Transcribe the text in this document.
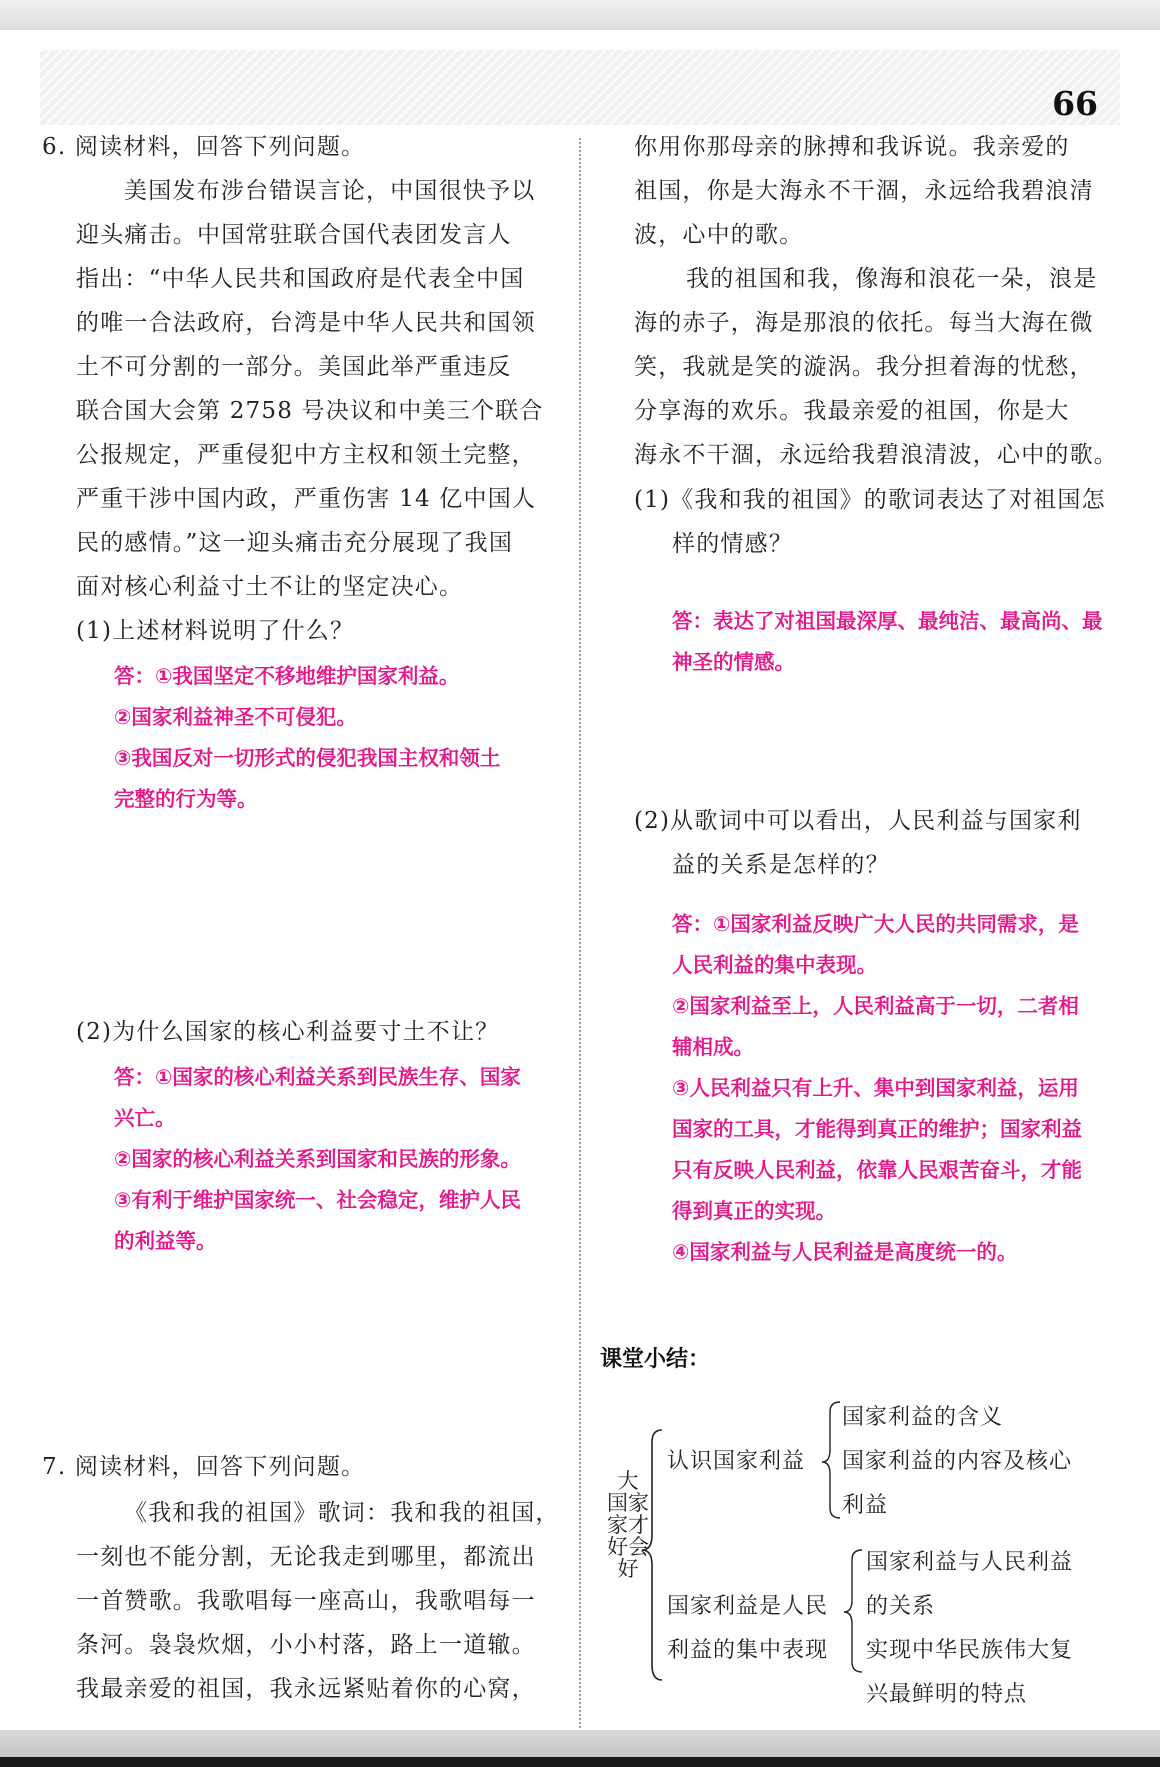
66
6. 阅读材料，回答下列问题。
美国发布涉台错误言论，中国很快予以
迎头痛击。中国常驻联合国代表团发言人
指出：“中华人民共和国政府是代表全中国
的唯一合法政府，台湾是中华人民共和国领
土不可分割的一部分。美国此举严重违反
联合国大会第 2758 号决议和中美三个联合
公报规定，严重侵犯中方主权和领土完整，
严重干涉中国内政，严重伤害 14 亿中国人
民的感情。”这一迎头痛击充分展现了我国
面对核心利益寸土不让的坚定决心。
(1)上述材料说明了什么？
答：①我国坚定不移地维护国家利益。
②国家利益神圣不可侵犯。
③我国反对一切形式的侵犯我国主权和领土
完整的行为等。
(2)为什么国家的核心利益要寸土不让？
答：①国家的核心利益关系到民族生存、国家
兴亡。
②国家的核心利益关系到国家和民族的形象。
③有利于维护国家统一、社会稳定，维护人民
的利益等。
7. 阅读材料，回答下列问题。
《我和我的祖国》歌词：我和我的祖国，
一刻也不能分割，无论我走到哪里，都流出
一首赞歌。我歌唱每一座高山，我歌唱每一
条河。袅袅炊烟，小小村落，路上一道辙。
我最亲爱的祖国，我永远紧贴着你的心窝，
你用你那母亲的脉搏和我诉说。我亲爱的
祖国，你是大海永不干涸，永远给我碧浪清
波，心中的歌。
我的祖国和我，像海和浪花一朵，浪是
海的赤子，海是那浪的依托。每当大海在微
笑，我就是笑的漩涡。我分担着海的忧愁，
分享海的欢乐。我最亲爱的祖国，你是大
海永不干涸，永远给我碧浪清波，心中的歌。
(1)《我和我的祖国》的歌词表达了对祖国怎
样的情感？
答：表达了对祖国最深厚、最纯洁、最高尚、最
神圣的情感。
(2)从歌词中可以看出，人民利益与国家利
益的关系是怎样的？
答：①国家利益反映广大人民的共同需求，是
人民利益的集中表现。
②国家利益至上，人民利益高于一切，二者相
辅相成。
③人民利益只有上升、集中到国家利益，运用
国家的工具，才能得到真正的维护；国家利益
只有反映人民利益，依靠人民艰苦奋斗，才能
得到真正的实现。
④国家利益与人民利益是高度统一的。
课堂小结：
大
国家
家才
好会
好
认识国家利益
国家利益的含义
国家利益的内容及核心
利益
国家利益是人民
利益的集中表现
国家利益与人民利益
的关系
实现中华民族伟大复
兴最鲜明的特点
